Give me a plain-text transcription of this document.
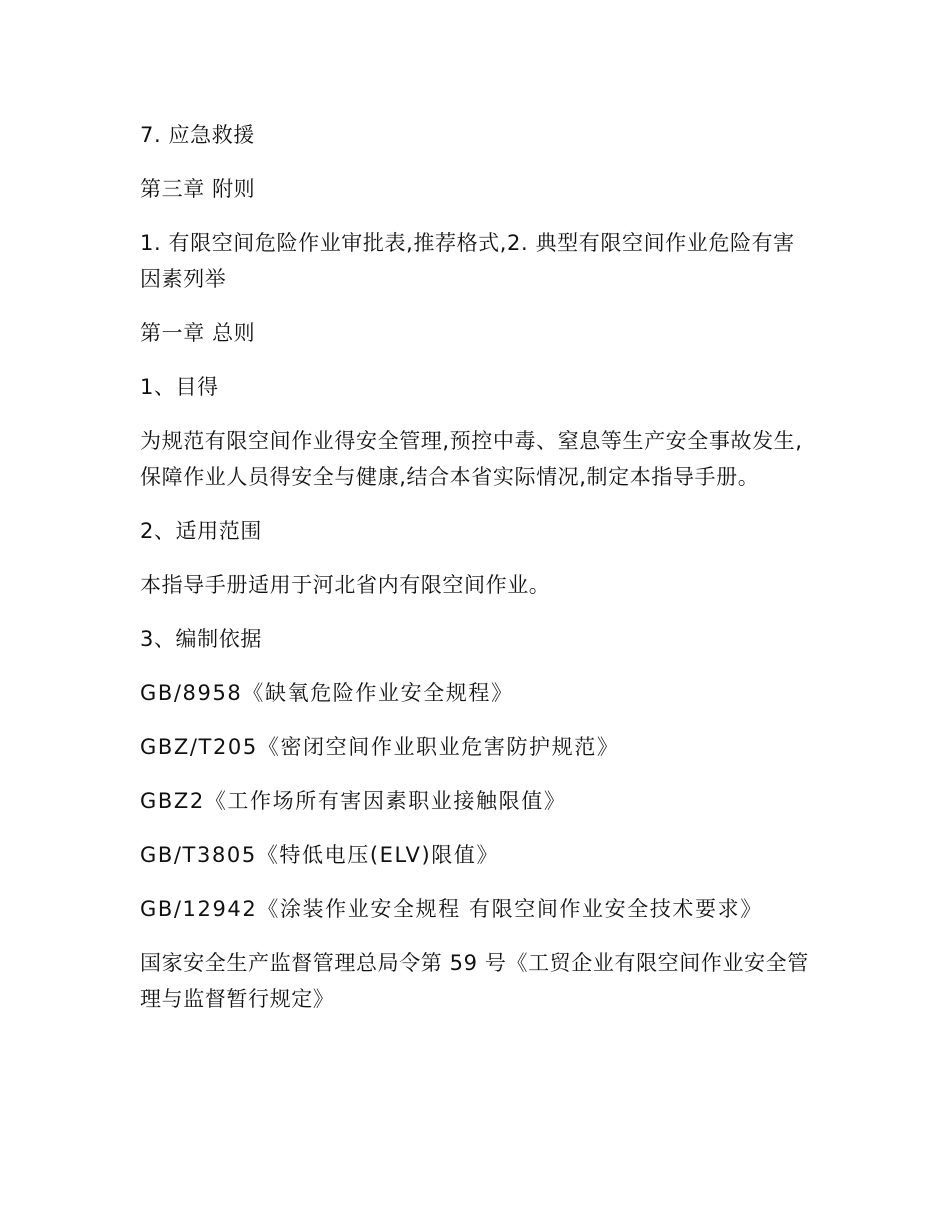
7. 应急救援

第三章 附则

1. 有限空间危险作业审批表,推荐格式,2. 典型有限空间作业危险有害因素列举

第一章 总则

1、目得

为规范有限空间作业得安全管理,预控中毒、窒息等生产安全事故发生,保障作业人员得安全与健康,结合本省实际情况,制定本指导手册。

2、适用范围

本指导手册适用于河北省内有限空间作业。

3、编制依据

GB/8958《缺氧危险作业安全规程》

GBZ/T205《密闭空间作业职业危害防护规范》

GBZ2《工作场所有害因素职业接触限值》

GB/T3805《特低电压(ELV)限值》

GB/12942《涂装作业安全规程 有限空间作业安全技术要求》

国家安全生产监督管理总局令第 59 号《工贸企业有限空间作业安全管理与监督暂行规定》
